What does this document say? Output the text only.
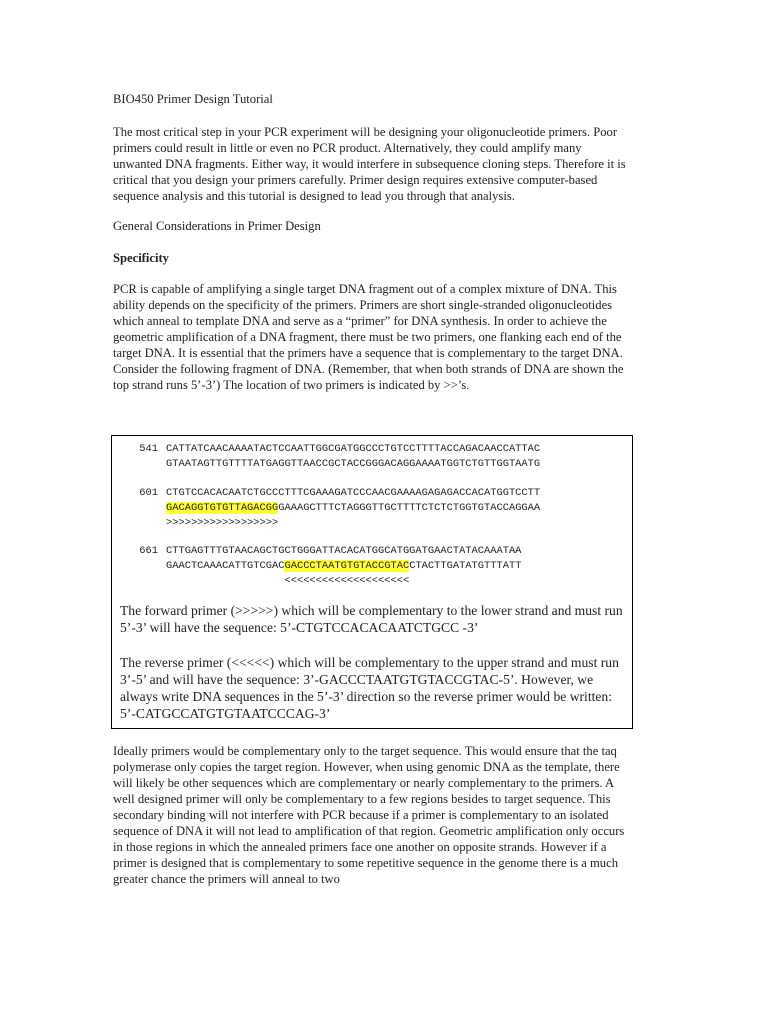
BIO450 Primer Design Tutorial
The most critical step in your PCR experiment will be designing your oligonucleotide primers. Poor primers could result in little or even no PCR product. Alternatively, they could amplify many unwanted DNA fragments. Either way, it would interfere in subsequence cloning steps. Therefore it is critical that you design your primers carefully. Primer design requires extensive computer-based sequence analysis and this tutorial is designed to lead you through that analysis.
General Considerations in Primer Design
Specificity
PCR is capable of amplifying a single target DNA fragment out of a complex mixture of DNA. This ability depends on the specificity of the primers. Primers are short single-stranded oligonucleotides which anneal to template DNA and serve as a “primer” for DNA synthesis. In order to achieve the geometric amplification of a DNA fragment, there must be two primers, one flanking each end of the target DNA. It is essential that the primers have a sequence that is complementary to the target DNA. Consider the following fragment of DNA. (Remember, that when both strands of DNA are shown the top strand runs 5’-3’) The location of two primers is indicated by >>’s.
541 CATTATCAACAAAATACTCCAATTGGCGATGGCCCTGTCCTTTTACCAGACAACCATTAC
GTAATAGTTGTTTTATGAGGTTAACCGCTACCGGGACAGGAAAATGGTCTGTTGGTAATG
601 CTGTCCACACAATCTGCCCTTTCGAAAGATCCCAACGAAAAGAGAGACCACATGGTCCTT
GACAGGTGTGTTAGACGGGAAAGCTTTCTAGGGTTGCTTTTCTCTCTGGTGTACCAGGAA
>>>>>>>>>>>>>>>>>>
661 CTTGAGTTTGTAACAGCTGCTGGGATTACACATGGCATGGATGAACTATACAAATAA
GAACTCAAACATTGTCGACGACCCTAATGTGTACCGTACCTACTTGATATGTTTATT
<<<<<<<<<<<<<<<<<<<<
The forward primer (>>>>>) which will be complementary to the lower strand and must run 5’-3’ will have the sequence: 5’-CTGTCCACACAATCTGCC -3’
The reverse primer (<<<<<) which will be complementary to the upper strand and must run 3’-5’ and will have the sequence: 3’-GACCCTAATGTGTACCGTAC-5’. However, we always write DNA sequences in the 5’-3’ direction so the reverse primer would be written: 5’-CATGCCATGTGTAATCCCAG-3’
Ideally primers would be complementary only to the target sequence. This would ensure that the taq polymerase only copies the target region. However, when using genomic DNA as the template, there will likely be other sequences which are complementary or nearly complementary to the primers. A well designed primer will only be complementary to a few regions besides to target sequence. This secondary binding will not interfere with PCR because if a primer is complementary to an isolated sequence of DNA it will not lead to amplification of that region. Geometric amplification only occurs in those regions in which the annealed primers face one another on opposite strands. However if a primer is designed that is complementary to some repetitive sequence in the genome there is a much greater chance the primers will anneal to two
